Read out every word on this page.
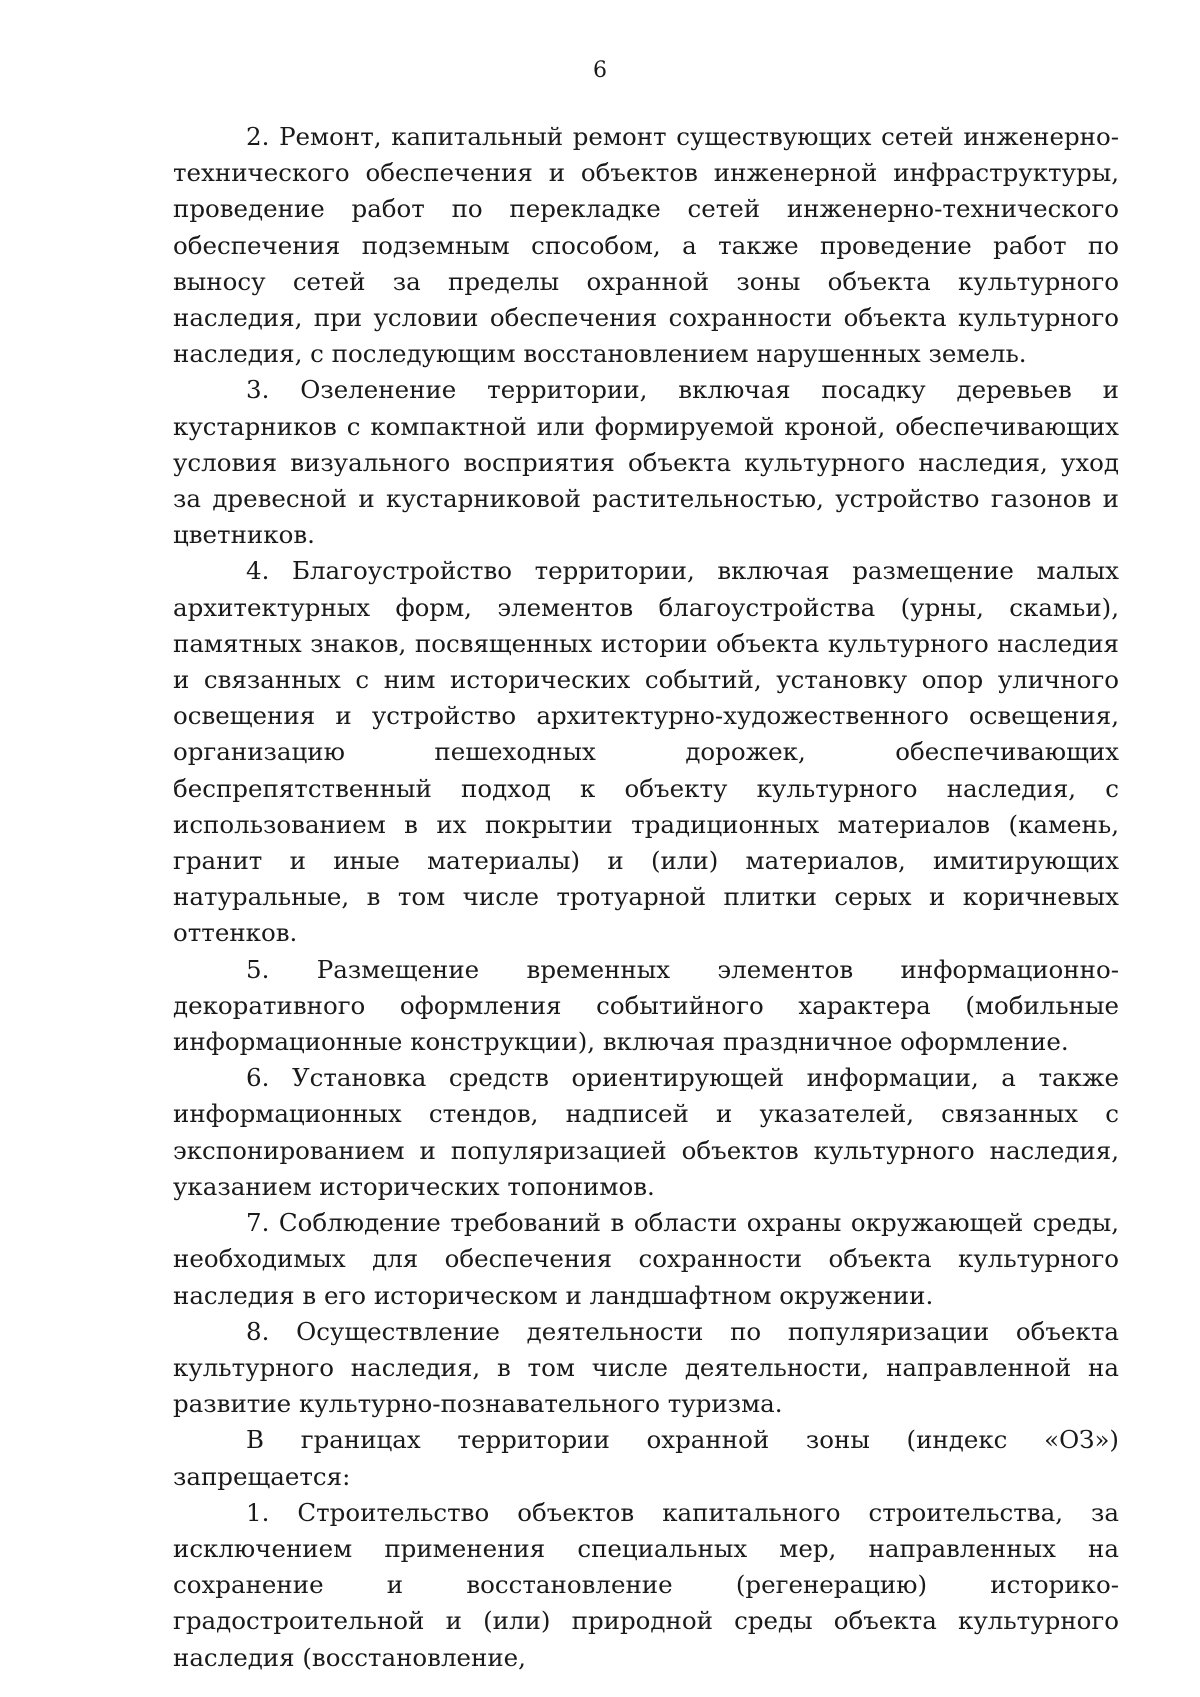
6

2. Ремонт, капитальный ремонт существующих сетей инженерно-технического обеспечения и объектов инженерной инфраструктуры, проведение работ по перекладке сетей инженерно-технического обеспечения подземным способом, а также проведение работ по выносу сетей за пределы охранной зоны объекта культурного наследия, при условии обеспечения сохранности объекта культурного наследия, с последующим восстановлением нарушенных земель.

3. Озеленение территории, включая посадку деревьев и кустарников с компактной или формируемой кроной, обеспечивающих условия визуального восприятия объекта культурного наследия, уход за древесной и кустарниковой растительностью, устройство газонов и цветников.

4. Благоустройство территории, включая размещение малых архитектурных форм, элементов благоустройства (урны, скамьи), памятных знаков, посвященных истории объекта культурного наследия и связанных с ним исторических событий, установку опор уличного освещения и устройство архитектурно-художественного освещения, организацию пешеходных дорожек, обеспечивающих беспрепятственный подход к объекту культурного наследия, с использованием в их покрытии традиционных материалов (камень, гранит и иные материалы) и (или) материалов, имитирующих натуральные, в том числе тротуарной плитки серых и коричневых оттенков.

5. Размещение временных элементов информационно-декоративного оформления событийного характера (мобильные информационные конструкции), включая праздничное оформление.

6. Установка средств ориентирующей информации, а также информационных стендов, надписей и указателей, связанных с экспонированием и популяризацией объектов культурного наследия, указанием исторических топонимов.

7. Соблюдение требований в области охраны окружающей среды, необходимых для обеспечения сохранности объекта культурного наследия в его историческом и ландшафтном окружении.

8. Осуществление деятельности по популяризации объекта культурного наследия, в том числе деятельности, направленной на развитие культурно-познавательного туризма.

В границах территории охранной зоны (индекс «ОЗ») запрещается:

1. Строительство объектов капитального строительства, за исключением применения специальных мер, направленных на сохранение и восстановление (регенерацию) историко-градостроительной и (или) природной среды объекта культурного наследия (восстановление,
